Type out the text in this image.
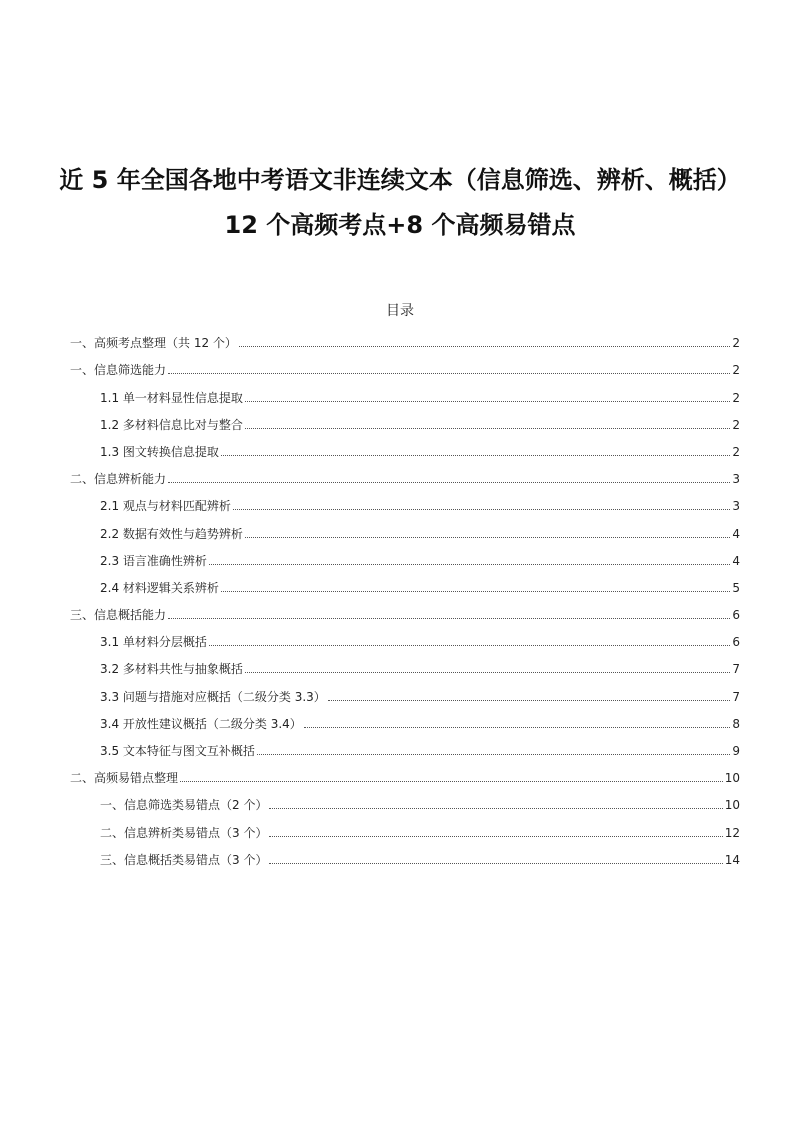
近 5 年全国各地中考语文非连续文本（信息筛选、辨析、概括）
12 个高频考点+8 个高频易错点
目录
一、高频考点整理（共 12 个）	2
一、信息筛选能力	2
1.1 单一材料显性信息提取	2
1.2 多材料信息比对与整合	2
1.3 图文转换信息提取	2
二、信息辨析能力	3
2.1 观点与材料匹配辨析	3
2.2 数据有效性与趋势辨析	4
2.3 语言准确性辨析	4
2.4 材料逻辑关系辨析	5
三、信息概括能力	6
3.1 单材料分层概括	6
3.2 多材料共性与抽象概括	7
3.3 问题与措施对应概括（二级分类 3.3）	7
3.4 开放性建议概括（二级分类 3.4）	8
3.5 文本特征与图文互补概括	9
二、高频易错点整理	10
一、信息筛选类易错点（2 个）	10
二、信息辨析类易错点（3 个）	12
三、信息概括类易错点（3 个）	14
